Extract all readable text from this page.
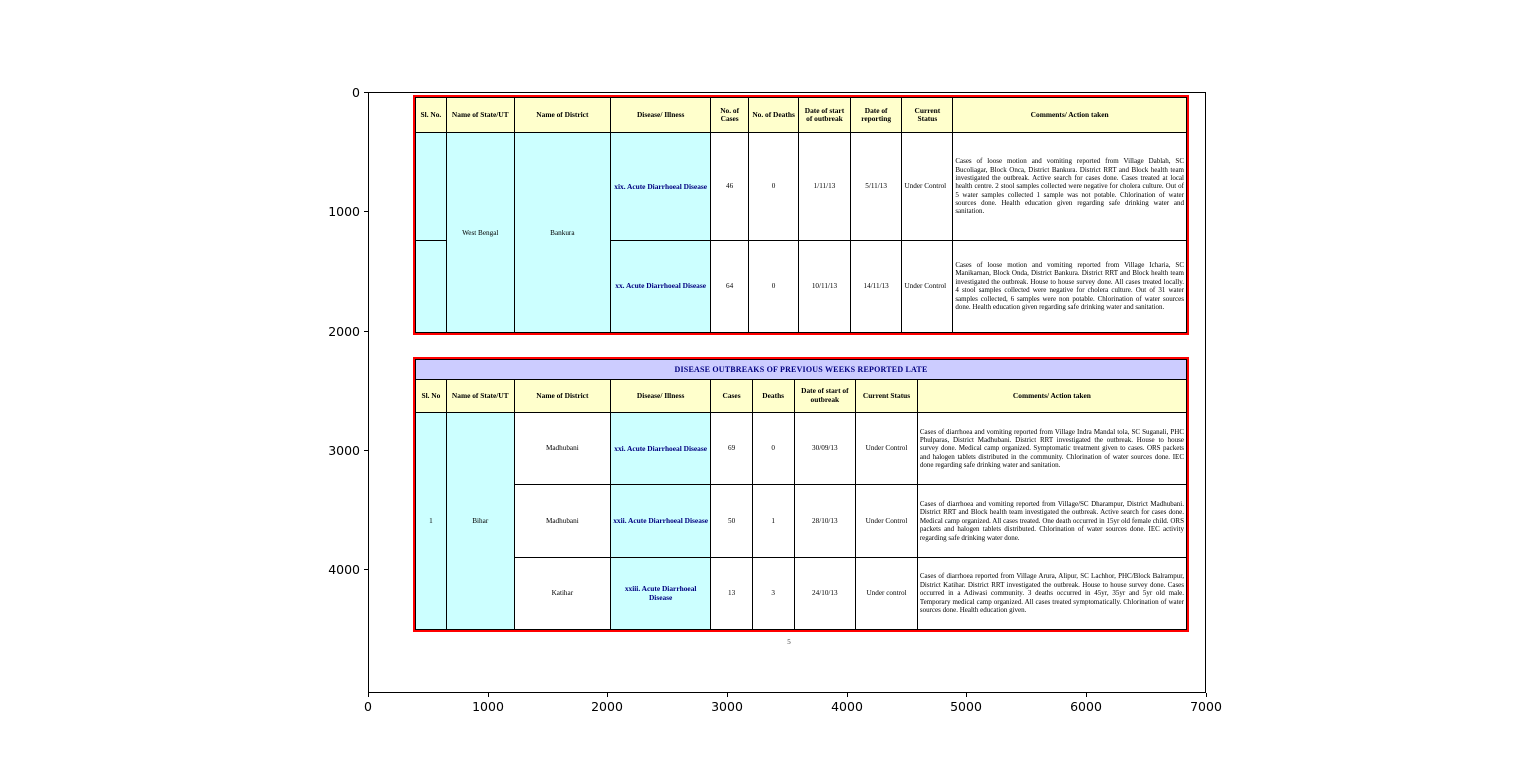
Sl. No.	Name of State/UT	Name of District	Disease/ Illness	No. of Cases	No. of Deaths	Date of start of outbreak	Date of reporting	Current Status	Comments/ Action taken
	West Bengal	Bankura	xix. Acute Diarrhoeal Disease	46	0	1/11/13	5/11/13	Under Control	Cases of loose motion and vomiting reported from Village Dablah, SC Bucoliagar, Block Onca, District Bankura. District RRT and Block health team investigated the outbreak. Active search for cases done. Cases treated at local health centre. 2 stool samples collected were negative for cholera culture. Out of 5 water samples collected 1 sample was not potable. Chlorination of water sources done. Health education given regarding safe drinking water and sanitation.
			xx. Acute Diarrhoeal Disease	64	0	10/11/13	14/11/13	Under Control	Cases of loose motion and vomiting reported from Village Icharia, SC Manikarnan, Block Onda, District Bankura. District RRT and Block health team investigated the outbreak. House to house survey done. All cases treated locally. 4 stool samples collected were negative for cholera culture. Out of 31 water samples collected, 6 samples were non potable. Chlorination of water sources done. Health education given regarding safe drinking water and sanitation.
DISEASE OUTBREAKS OF PREVIOUS WEEKS REPORTED LATE								
Sl. No	Name of State/UT	Name of District	Disease/ Illness	Cases	Deaths	Date of start of outbreak	Current Status	Comments/ Action taken
1	Bihar	Madhubani	xxi. Acute Diarrhoeal Disease	69	0	30/09/13	Under Control	Cases of diarrhoea and vomiting reported from Village Indra Mandal tola, SC Suganali, PHC Phulparas, District Madhubani. District RRT investigated the outbreak. House to house survey done. Medical camp organized. Symptomatic treatment given to cases. ORS packets and halogen tablets distributed in the community. Chlorination of water sources done. IEC done regarding safe drinking water and sanitation.
		Madhubani	xxii. Acute Diarrhoeal Disease	50	1	28/10/13	Under Control	Cases of diarrhoea and vomiting reported from Village/SC Dharampur, District Madhubani. District RRT and Block health team investigated the outbreak. Active search for cases done. Medical camp organized. All cases treated. One death occurred in 15yr old female child. ORS packets and halogen tablets distributed. Chlorination of water sources done. IEC activity regarding safe drinking water done.
		Katihar	xxiii. Acute Diarrhoeal Disease	13	3	24/10/13	Under control	Cases of diarrhoea reported from Village Arura, Alipur, SC Lachhor, PHC/Block Balrampur, District Katihar. District RRT investigated the outbreak. House to house survey done. Cases occurred in a Adiwasi community. 3 deaths occurred in 45yr, 35yr and 5yr old male. Temporary medical camp organized. All cases treated symptomatically. Chlorination of water sources done. Health education given.
5
0
1000
2000
3000
4000
0	1000	2000	3000	4000	5000	6000	7000
